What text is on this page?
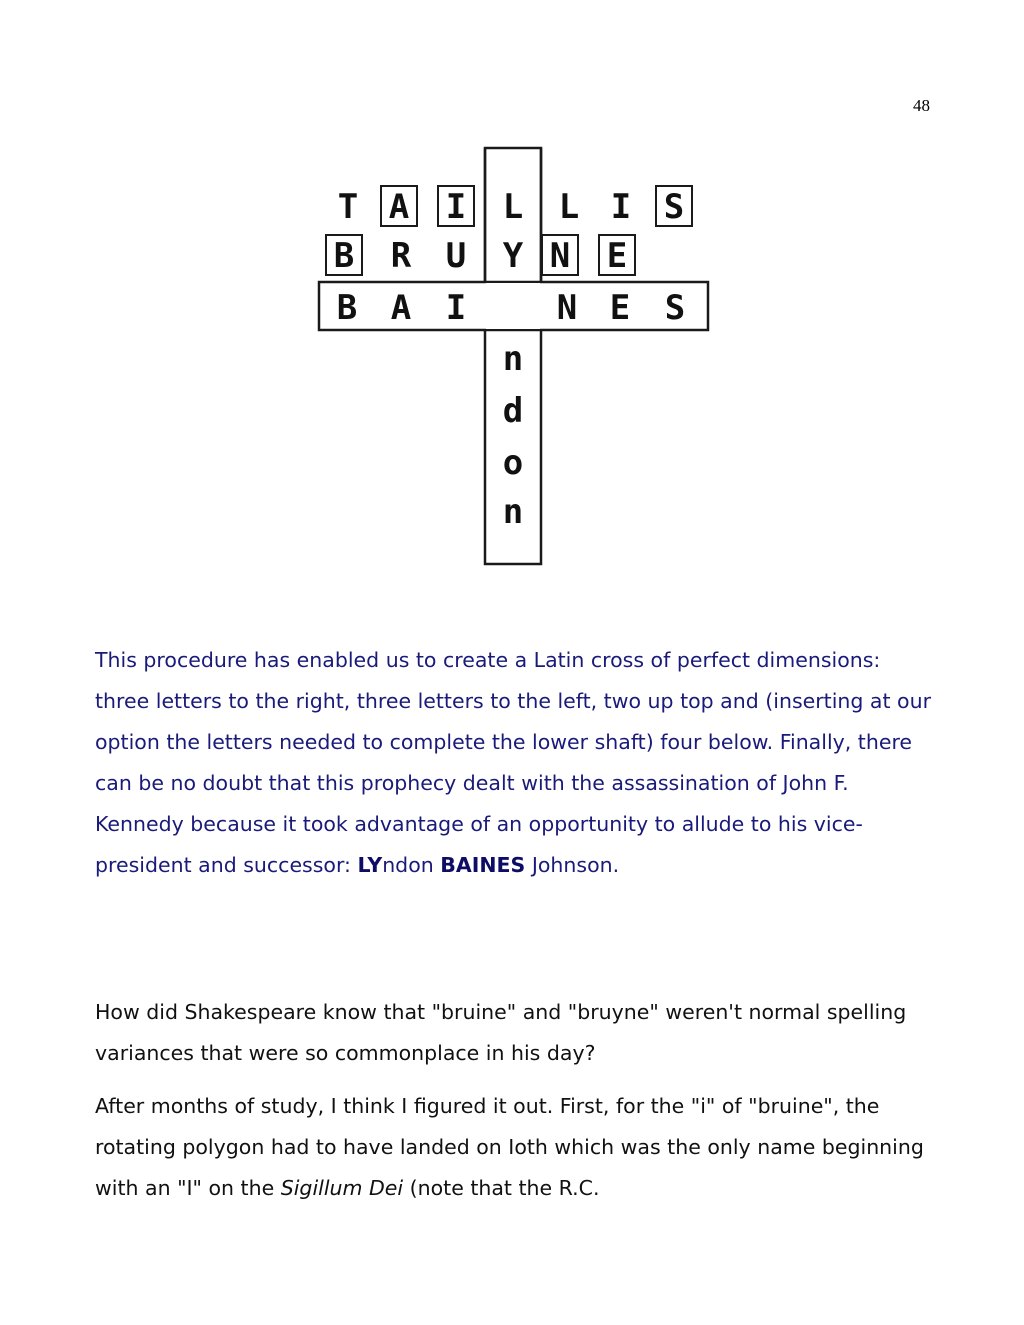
48
T A I L L I S
B R U Y N E
B A I	N E S
n
d
o
n

This procedure has enabled us to create a Latin cross of perfect dimensions: three letters to the right, three letters to the left, two up top and (inserting at our option the letters needed to complete the lower shaft) four below. Finally, there can be no doubt that this prophecy dealt with the assassination of John F. Kennedy because it took advantage of an opportunity to allude to his vice-president and successor: LYndon BAINES Johnson.

How did Shakespeare know that "bruine" and "bruyne" weren't normal spelling variances that were so commonplace in his day?

After months of study, I think I figured it out. First, for the "i" of "bruine", the rotating polygon had to have landed on Ioth which was the only name beginning with an "I" on the Sigillum Dei (note that the R.C.
